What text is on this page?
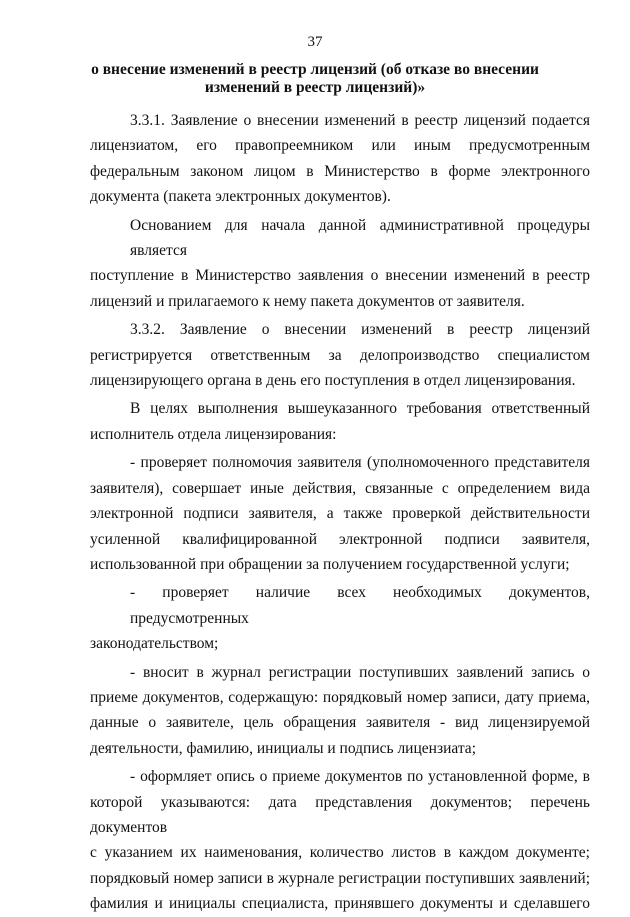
37
о внесение изменений в реестр лицензий (об отказе во внесении
изменений в реестр лицензий)»

3.3.1. Заявление о внесении изменений в реестр лицензий подается
лицензиатом, его правопреемником или иным предусмотренным
федеральным законом лицом в Министерство в форме электронного
документа (пакета электронных документов).

Основанием для начала данной административной процедуры является
поступление в Министерство заявления о внесении изменений в реестр
лицензий и прилагаемого к нему пакета документов от заявителя.

3.3.2. Заявление о внесении изменений в реестр лицензий
регистрируется ответственным за делопроизводство специалистом
лицензирующего органа в день его поступления в отдел лицензирования.

В целях выполнения вышеуказанного требования ответственный
исполнитель отдела лицензирования:

- проверяет полномочия заявителя (уполномоченного представителя
заявителя), совершает иные действия, связанные с определением вида
электронной подписи заявителя, а также проверкой действительности
усиленной квалифицированной электронной подписи заявителя,
использованной при обращении за получением государственной услуги;

- проверяет наличие всех необходимых документов, предусмотренных
законодательством;

- вносит в журнал регистрации поступивших заявлений запись о
приеме документов, содержащую: порядковый номер записи, дату приема,
данные о заявителе, цель обращения заявителя - вид лицензируемой
деятельности, фамилию, инициалы и подпись лицензиата;

- оформляет опись о приеме документов по установленной форме, в
которой указываются: дата представления документов; перечень документов
с указанием их наименования, количество листов в каждом документе;
порядковый номер записи в журнале регистрации поступивших заявлений;
фамилия и инициалы специалиста, принявшего документы и сделавшего
